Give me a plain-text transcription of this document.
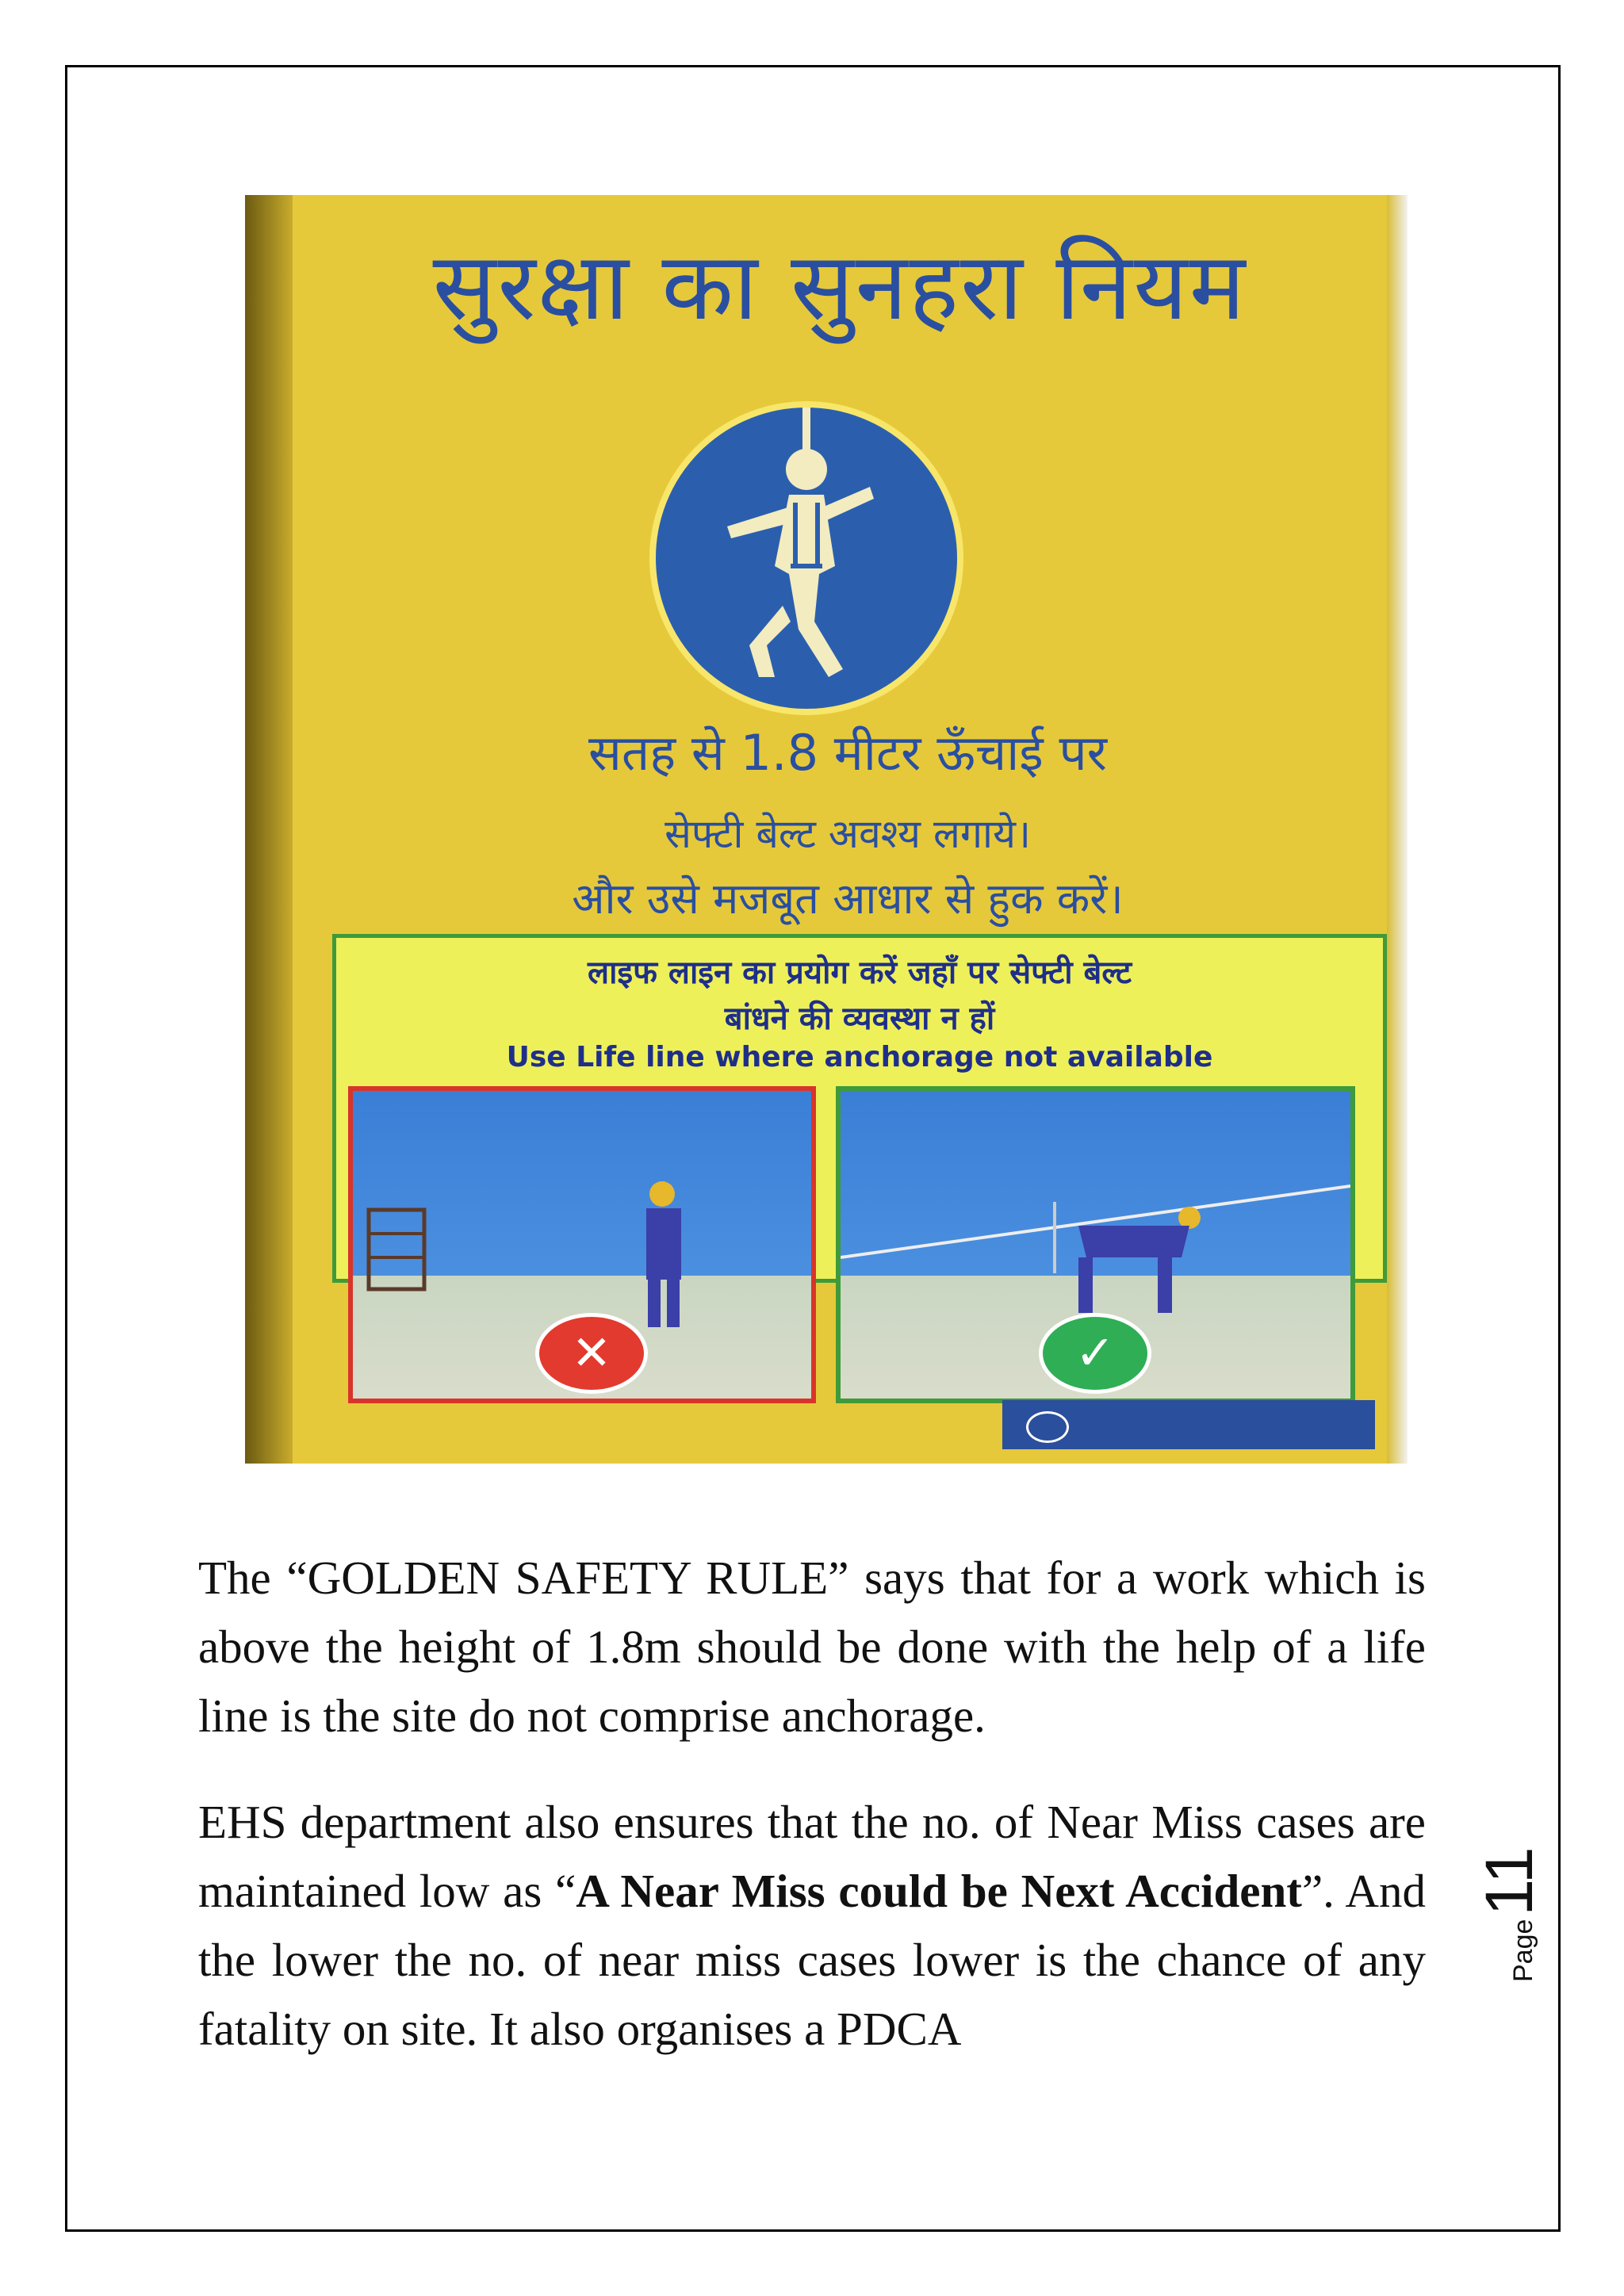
सुरक्षा का सुनहरा नियम
सतह से 1.8 मीटर ऊँचाई पर
सेफ्टी बेल्ट अवश्य लगाये।
और उसे मजबूत आधार से हुक करें।
लाइफ लाइन का प्रयोग करें जहाँ पर सेफ्टी बेल्ट
बांधने की व्यवस्था न हों
Use Life line where anchorage not available
✕	✓

The “GOLDEN SAFETY RULE” says that for a work which is above the height of 1.8m should be done with the help of a life line is the site do not comprise anchorage.

EHS department also ensures that the no. of Near Miss cases are maintained low as “A Near Miss could be Next Accident”. And the lower the no. of near miss cases lower is the chance of any fatality on site. It also organises a PDCA

Page11
